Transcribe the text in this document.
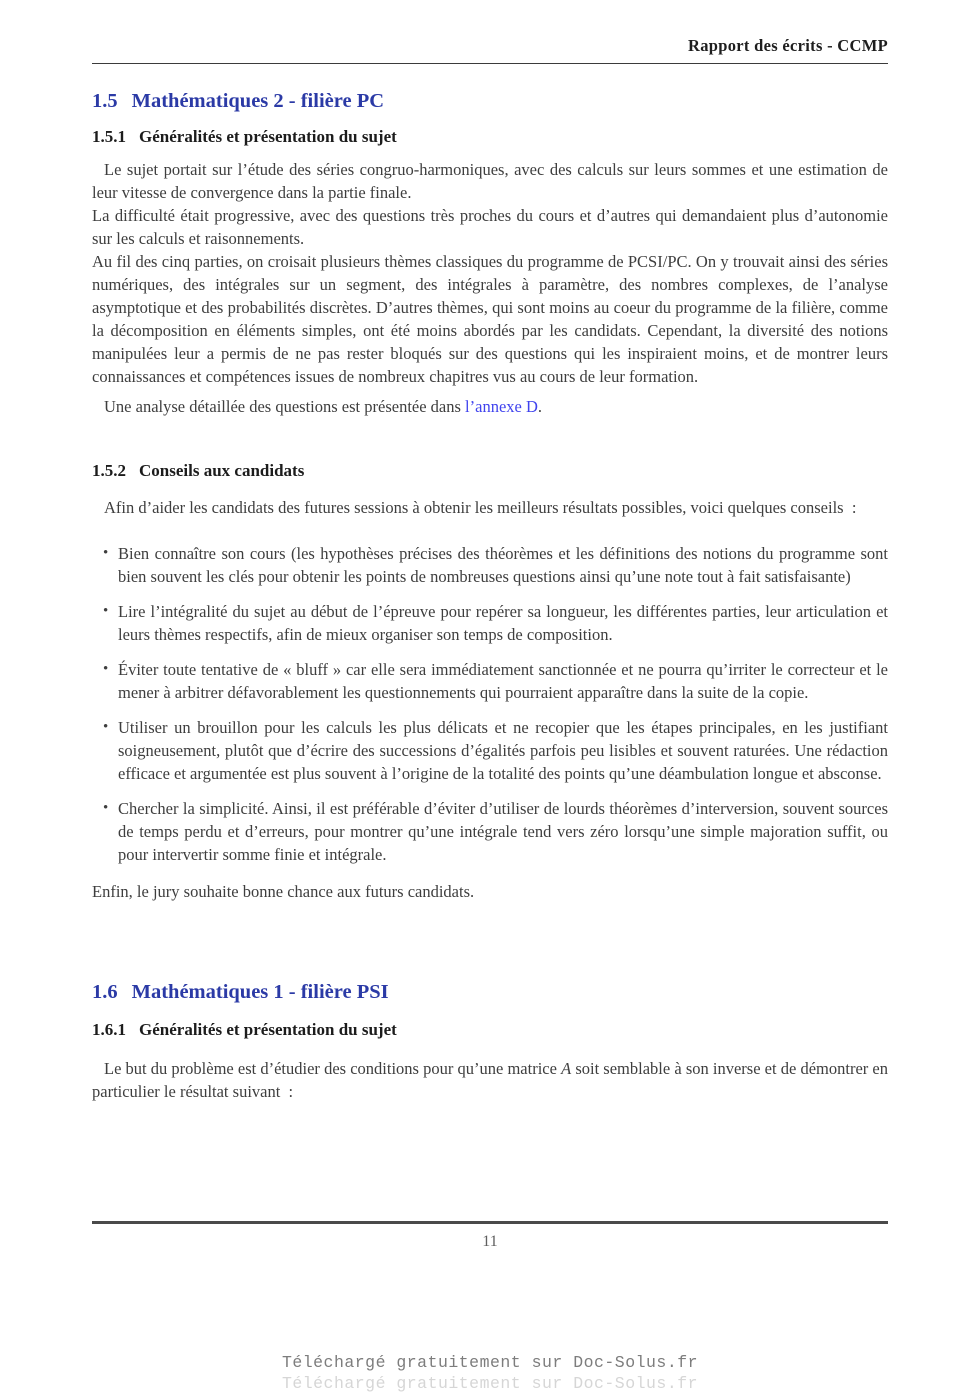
Rapport des écrits - CCMP
1.5 Mathématiques 2 - filière PC
1.5.1 Généralités et présentation du sujet

Le sujet portait sur l’étude des séries congruo-harmoniques, avec des calculs sur leurs sommes et une estimation de leur vitesse de convergence dans la partie finale.

La difficulté était progressive, avec des questions très proches du cours et d’autres qui demandaient plus d’autonomie sur les calculs et raisonnements.

Au fil des cinq parties, on croisait plusieurs thèmes classiques du programme de PCSI/PC. On y trouvait ainsi des séries numériques, des intégrales sur un segment, des intégrales à paramètre, des nombres complexes, de l’analyse asymptotique et des probabilités discrètes. D’autres thèmes, qui sont moins au coeur du programme de la filière, comme la décomposition en éléments simples, ont été moins abordés par les candidats. Cependant, la diversité des notions manipulées leur a permis de ne pas rester bloqués sur des questions qui les inspiraient moins, et de montrer leurs connaissances et compétences issues de nombreux chapitres vus au cours de leur formation.

Une analyse détaillée des questions est présentée dans l’annexe D.

1.5.2 Conseils aux candidats

Afin d’aider les candidats des futures sessions à obtenir les meilleurs résultats possibles, voici quelques conseils  :

• Bien connaître son cours (les hypothèses précises des théorèmes et les définitions des notions du programme sont bien souvent les clés pour obtenir les points de nombreuses questions ainsi qu’une note tout à fait satisfaisante)
• Lire l’intégralité du sujet au début de l’épreuve pour repérer sa longueur, les différentes parties, leur articulation et leurs thèmes respectifs, afin de mieux organiser son temps de composition.
• Éviter toute tentative de « bluff » car elle sera immédiatement sanctionnée et ne pourra qu’irriter le correcteur et le mener à arbitrer défavorablement les questionnements qui pourraient apparaître dans la suite de la copie.
• Utiliser un brouillon pour les calculs les plus délicats et ne recopier que les étapes principales, en les justifiant soigneusement, plutôt que d’écrire des successions d’égalités parfois peu lisibles et souvent raturées. Une rédaction efficace et argumentée est plus souvent à l’origine de la totalité des points qu’une déambulation longue et absconse.
• Chercher la simplicité. Ainsi, il est préférable d’éviter d’utiliser de lourds théorèmes d’interversion, souvent sources de temps perdu et d’erreurs, pour montrer qu’une intégrale tend vers zéro lorsqu’une simple majoration suffit, ou pour intervertir somme finie et intégrale.

Enfin, le jury souhaite bonne chance aux futurs candidats.

1.6 Mathématiques 1 - filière PSI
1.6.1 Généralités et présentation du sujet

Le but du problème est d’étudier des conditions pour qu’une matrice A soit semblable à son inverse et de démontrer en particulier le résultat suivant  :

11
Téléchargé gratuitement sur Doc-Solus.fr
Téléchargé gratuitement sur Doc-Solus.fr
